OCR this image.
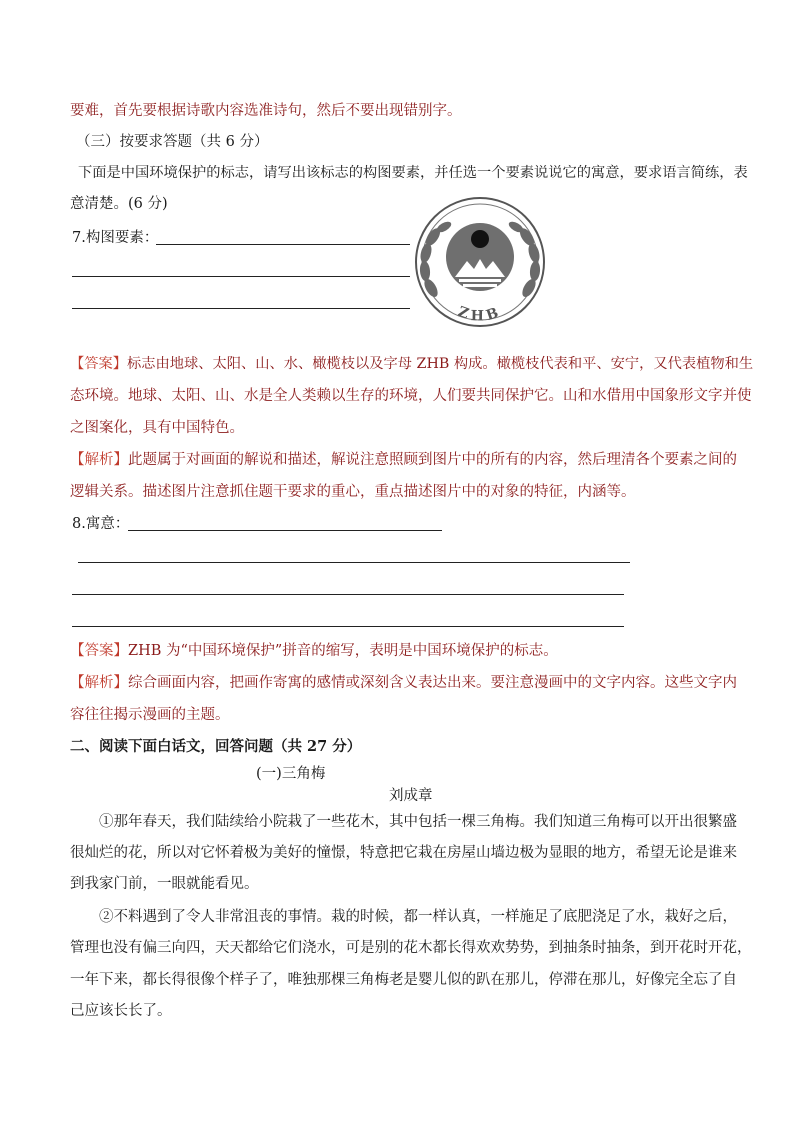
要难，首先要根据诗歌内容选准诗句，然后不要出现错别字。

（三）按要求答题（共 6 分）

下面是中国环境保护的标志，请写出该标志的构图要素，并任选一个要素说说它的寓意，要求语言简练，表

意清楚。(6 分)

7.构图要素：

ZHB

【答案】标志由地球、太阳、山、水、橄榄枝以及字母 ZHB 构成。橄榄枝代表和平、安宁，又代表植物和生

态环境。地球、太阳、山、水是全人类赖以生存的环境，人们要共同保护它。山和水借用中国象形文字并使

之图案化，具有中国特色。

【解析】此题属于对画面的解说和描述，解说注意照顾到图片中的所有的内容，然后理清各个要素之间的

逻辑关系。描述图片注意抓住题干要求的重心，重点描述图片中的对象的特征，内涵等。

8.寓意：

【答案】ZHB 为“中国环境保护”拼音的缩写，表明是中国环境保护的标志。

【解析】综合画面内容，把画作寄寓的感情或深刻含义表达出来。要注意漫画中的文字内容。这些文字内

容往往揭示漫画的主题。

二、阅读下面白话文，回答问题（共 27 分）

(一)三角梅

刘成章

①那年春天，我们陆续给小院栽了一些花木，其中包括一棵三角梅。我们知道三角梅可以开出很繁盛

很灿烂的花，所以对它怀着极为美好的憧憬，特意把它栽在房屋山墙边极为显眼的地方，希望无论是谁来

到我家门前，一眼就能看见。

②不料遇到了令人非常沮丧的事情。栽的时候，都一样认真，一样施足了底肥浇足了水，栽好之后，

管理也没有偏三向四，天天都给它们浇水，可是别的花木都长得欢欢势势，到抽条时抽条，到开花时开花，

一年下来，都长得很像个样子了，唯独那棵三角梅老是婴儿似的趴在那儿，停滞在那儿，好像完全忘了自

己应该长长了。
